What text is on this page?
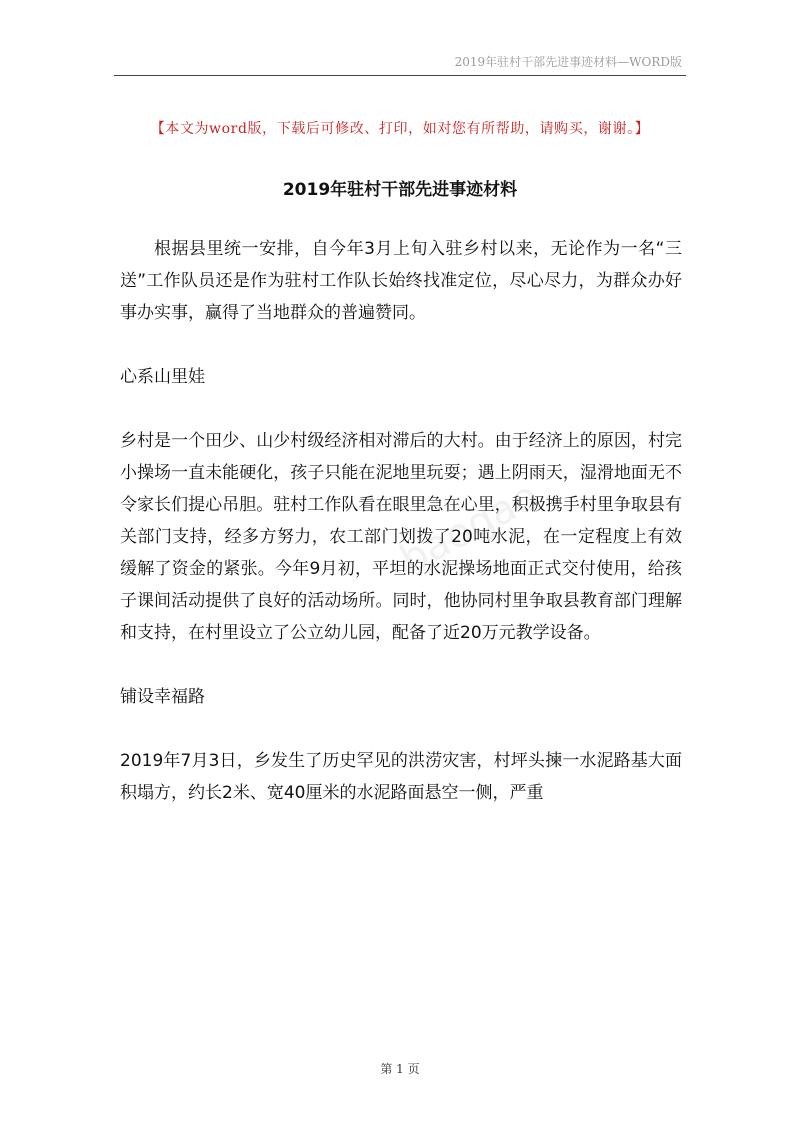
2019年驻村干部先进事迹材料—WORD版
【本文为word版，下载后可修改、打印，如对您有所帮助，请购买，谢谢。】
2019年驻村干部先进事迹材料
baogao

根据县里统一安排，自今年3月上旬入驻乡村以来，无论作为一名“三送”工作队员还是作为驻村工作队长始终找准定位，尽心尽力，为群众办好事办实事，赢得了当地群众的普遍赞同。

心系山里娃

乡村是一个田少、山少村级经济相对滞后的大村。由于经济上的原因，村完小操场一直未能硬化，孩子只能在泥地里玩耍；遇上阴雨天，湿滑地面无不令家长们提心吊胆。驻村工作队看在眼里急在心里，积极携手村里争取县有关部门支持，经多方努力，农工部门划拨了20吨水泥，在一定程度上有效缓解了资金的紧张。今年9月初，平坦的水泥操场地面正式交付使用，给孩子课间活动提供了良好的活动场所。同时，他协同村里争取县教育部门理解和支持，在村里设立了公立幼儿园，配备了近20万元教学设备。

铺设幸福路

2019年7月3日，乡发生了历史罕见的洪涝灾害，村坪头揀一水泥路基大面积塌方，约长2米、宽40厘米的水泥路面悬空一侧，严重

第 1 页
